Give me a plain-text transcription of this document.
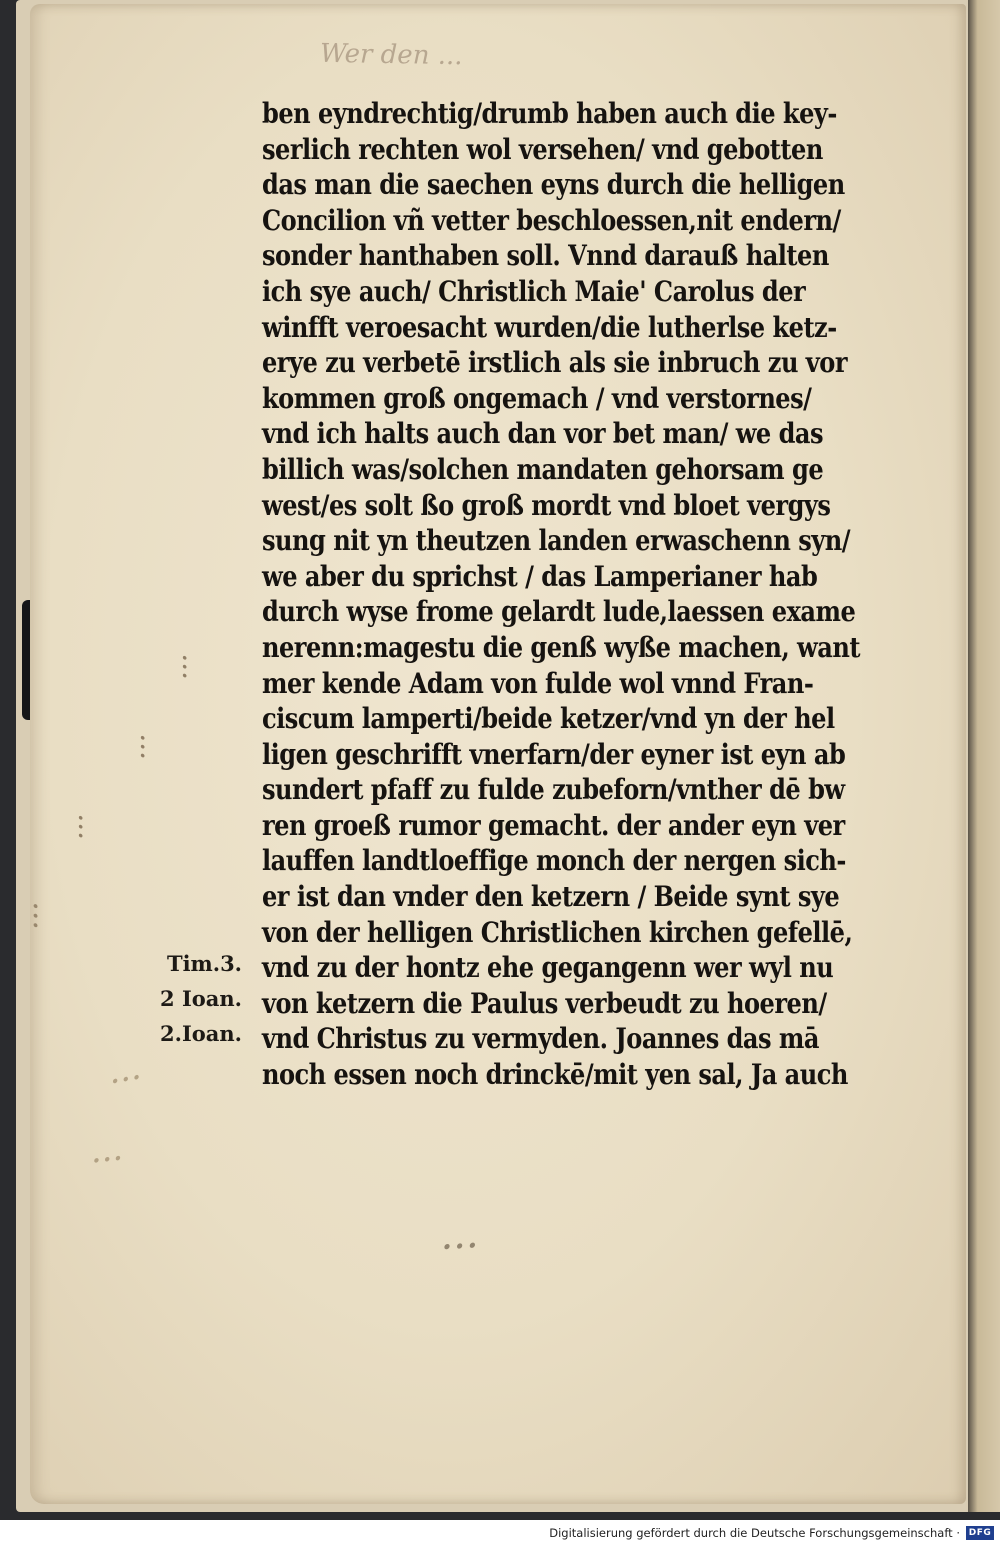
Wer den ...
...
...
...
...
...
...
...
ben eyndrechtig/drumb haben auch die key-
serlich rechten wol versehen/ vnd gebotten
das man die saechen eyns durch die helligen
Concilion vñ vetter beschloessen,nit endern/
sonder hanthaben soll. Vnnd darauß halten
ich sye auch/ Christlich Maie' Carolus der
winfft veroesacht wurden/die lutherlse ketz-
erye zu verbetē irstlich als sie inbruch zu vor
kommen groß ongemach / vnd verstornes/
vnd ich halts auch dan vor bet man/ we das
billich was/solchen mandaten gehorsam ge
west/es solt ßo groß mordt vnd bloet vergys
sung nit yn theutzen landen erwaschenn syn/
we aber du sprichst / das Lamperianer hab
durch wyse frome gelardt lude,laessen exame
nerenn:magestu die genß wyße machen, want
mer kende Adam von fulde wol vnnd Fran-
ciscum lamperti/beide ketzer/vnd yn der hel
ligen geschrifft vnerfarn/der eyner ist eyn ab
sundert pfaff zu fulde zubeforn/vnther dē bw
ren groeß rumor gemacht. der ander eyn ver
lauffen landtloeffige monch der nergen sich-
er ist dan vnder den ketzern / Beide synt sye
von der helligen Christlichen kirchen gefellē,
vnd zu der hontz ehe gegangenn wer wyl nu
von ketzern die Paulus verbeudt zu hoeren/
vnd Christus zu vermyden. Joannes das mā
noch essen noch drinckē/mit yen sal, Ja auch
Tim.3.
2 Ioan.
2.Ioan.
Digitalisierung gefördert durch die Deutsche Forschungsgemeinschaft · DFG
